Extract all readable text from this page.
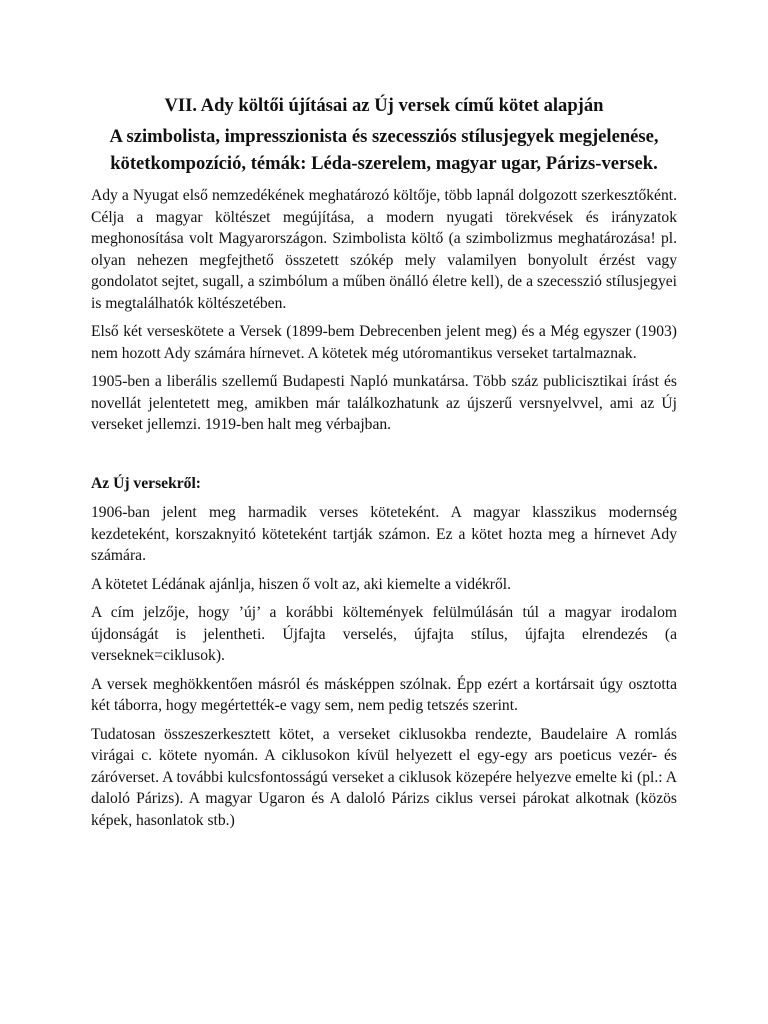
VII. Ady költői újításai az Új versek című kötet alapján
A szimbolista, impresszionista és szecessziós stílusjegyek megjelenése, kötetkompozíció, témák: Léda-szerelem, magyar ugar, Párizs-versek.

Ady a Nyugat első nemzedékének meghatározó költője, több lapnál dolgozott szerkesztőként. Célja a magyar költészet megújítása, a modern nyugati törekvések és irányzatok meghonosítása volt Magyarországon. Szimbolista költő (a szimbolizmus meghatározása! pl. olyan nehezen megfejthető összetett szókép mely valamilyen bonyolult érzést vagy gondolatot sejtet, sugall, a szimbólum a műben önálló életre kell), de a szecesszió stílusjegyei is megtalálhatók költészetében.

Első két verseskötete a Versek (1899-bem Debrecenben jelent meg) és a Még egyszer (1903) nem hozott Ady számára hírnevet. A kötetek még utóromantikus verseket tartalmaznak.

1905-ben a liberális szellemű Budapesti Napló munkatársa. Több száz publicisztikai írást és novellát jelentetett meg, amikben már találkozhatunk az újszerű versnyelvvel, ami az Új verseket jellemzi. 1919-ben halt meg vérbajban.

Az Új versekről:

1906-ban jelent meg harmadik verses köteteként. A magyar klasszikus modernség kezdeteként, korszaknyitó köteteként tartják számon. Ez a kötet hozta meg a hírnevet Ady számára.

A kötetet Lédának ajánlja, hiszen ő volt az, aki kiemelte a vidékről.

A cím jelzője, hogy ’új’ a korábbi költemények felülmúlásán túl a magyar irodalom újdonságát is jelentheti. Újfajta verselés, újfajta stílus, újfajta elrendezés (a verseknek=ciklusok).

A versek meghökkentően másról és másképpen szólnak. Épp ezért a kortársait úgy osztotta két táborra, hogy megértették-e vagy sem, nem pedig tetszés szerint.

Tudatosan összeszerkesztett kötet, a verseket ciklusokba rendezte, Baudelaire A romlás virágai c. kötete nyomán. A ciklusokon kívül helyezett el egy-egy ars poeticus vezér- és záróverset. A további kulcsfontosságú verseket a ciklusok közepére helyezve emelte ki (pl.: A daloló Párizs). A magyar Ugaron és A daloló Párizs ciklus versei párokat alkotnak (közös képek, hasonlatok stb.)
